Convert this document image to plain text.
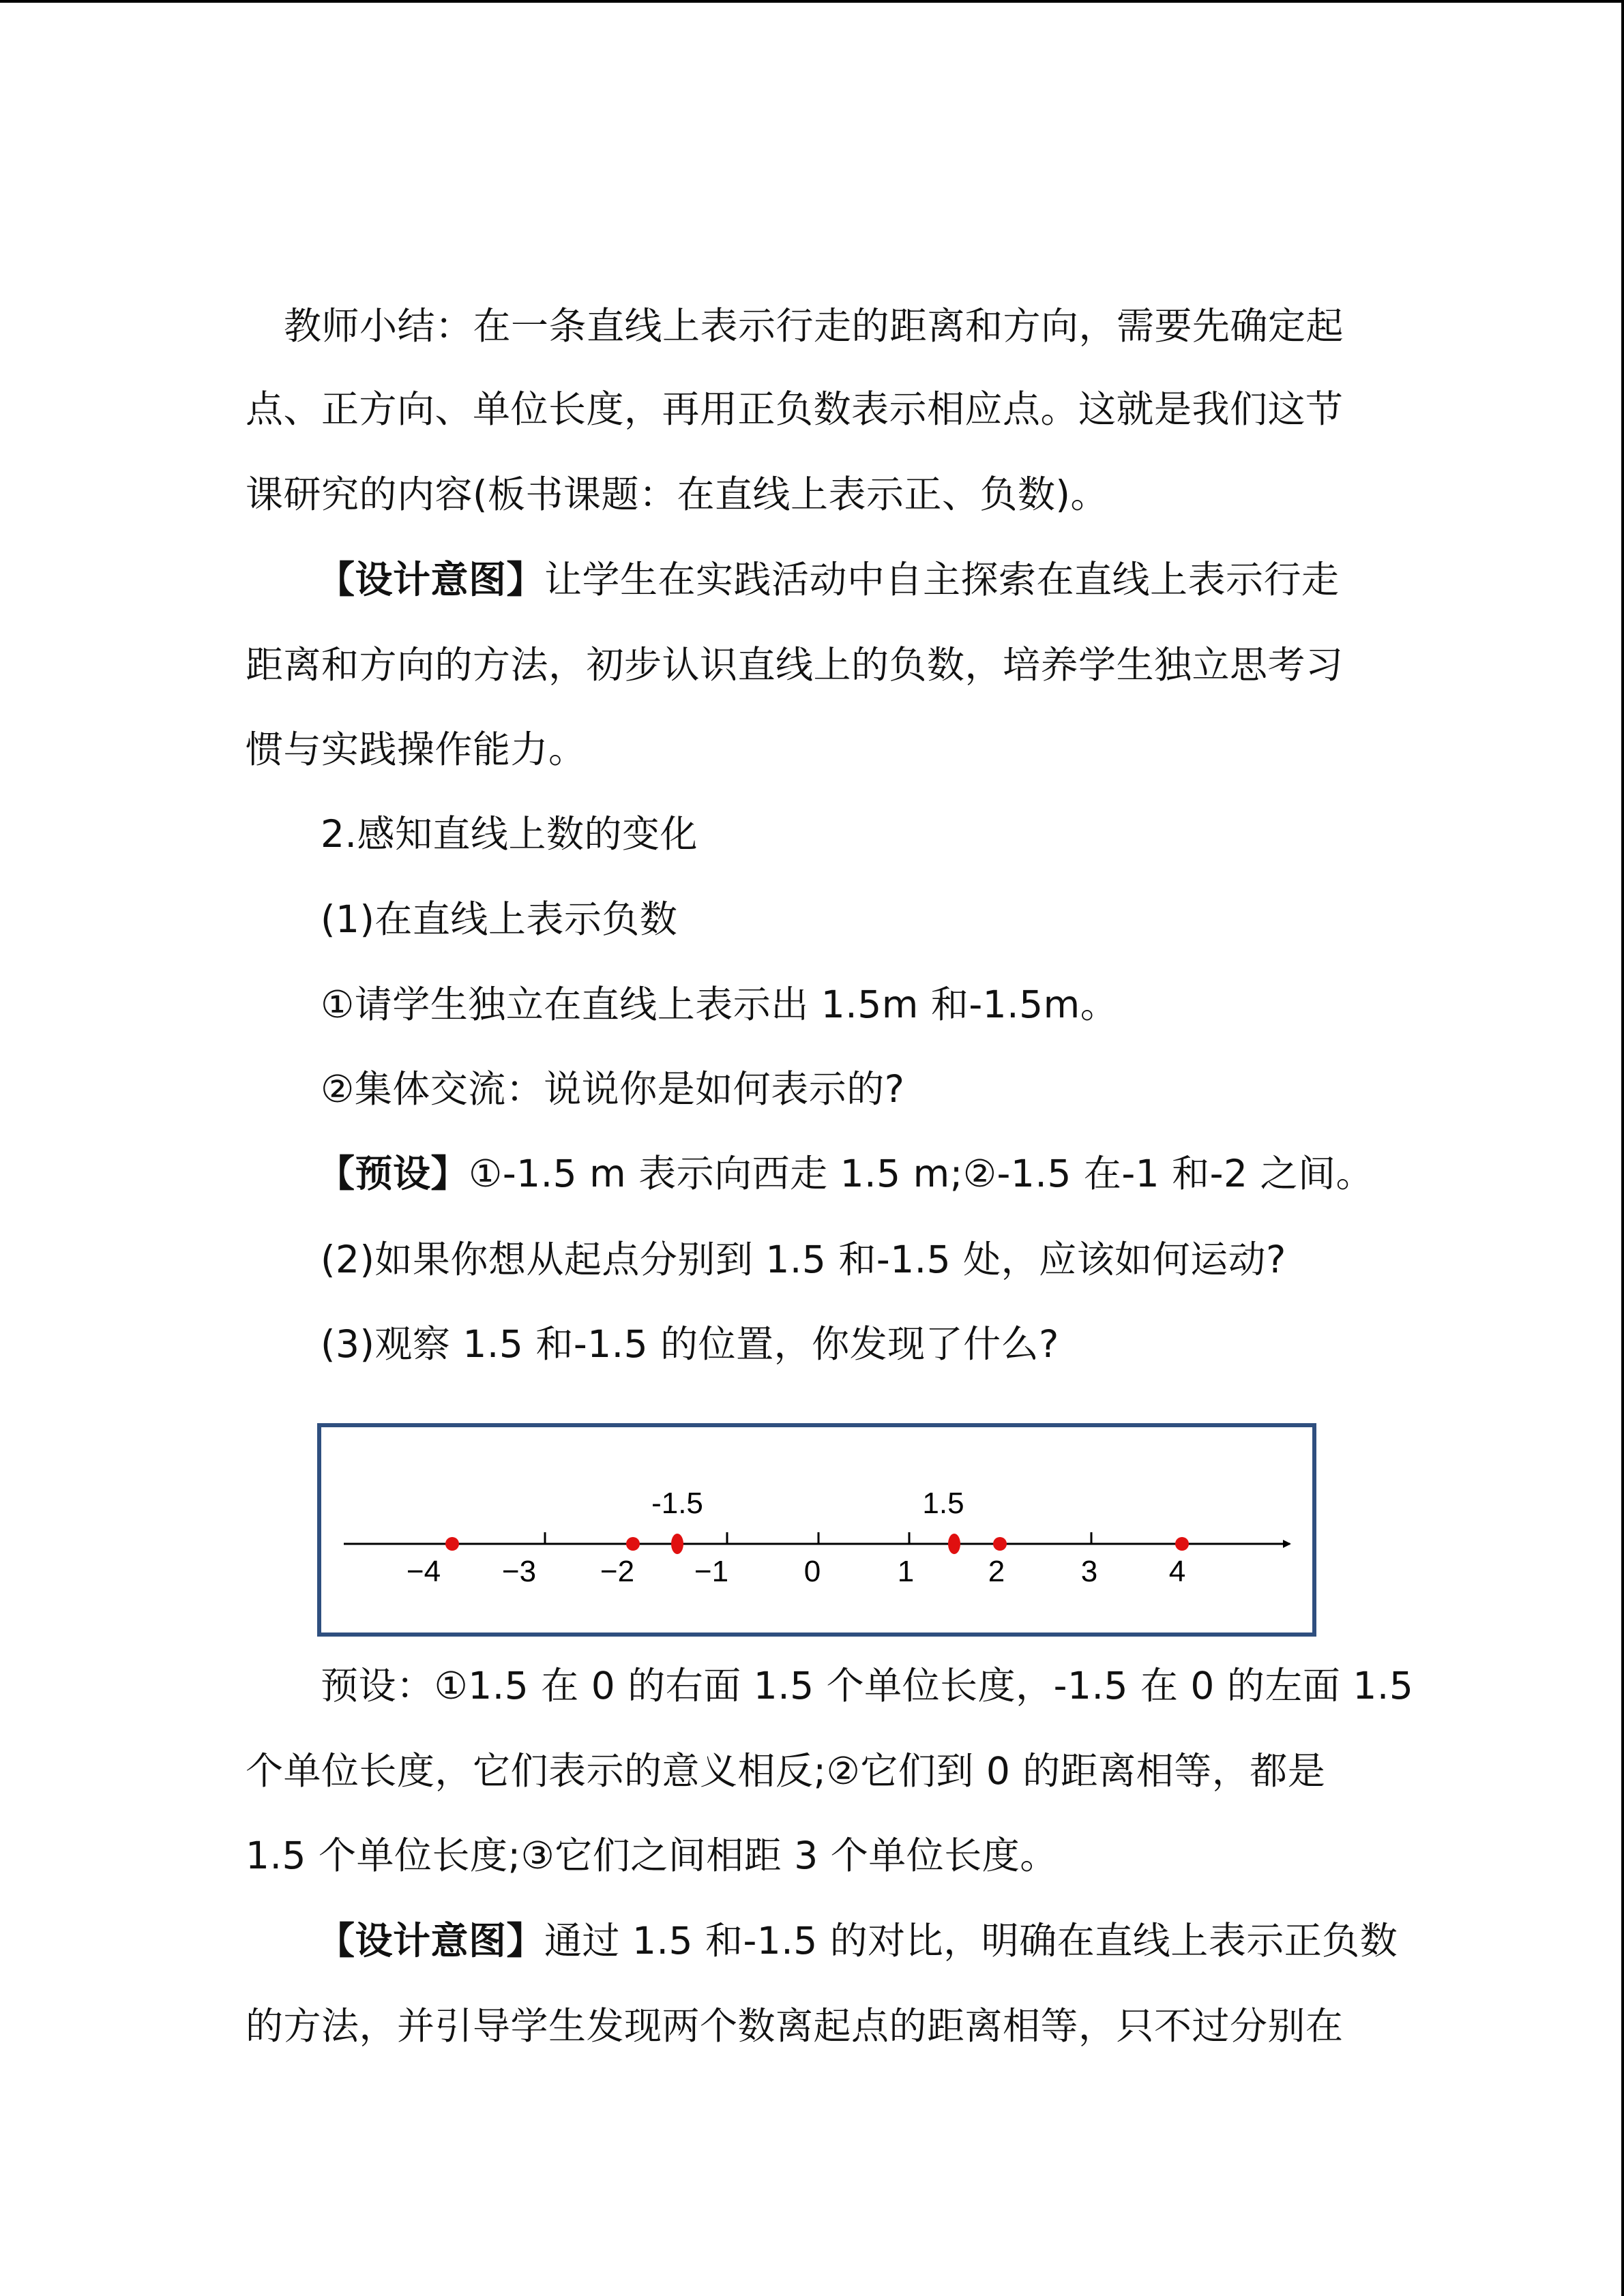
教师小结：在一条直线上表示行走的距离和方向，需要先确定起
点、正方向、单位长度，再用正负数表示相应点。这就是我们这节
课研究的内容(板书课题：在直线上表示正、负数)。
【设计意图】让学生在实践活动中自主探索在直线上表示行走
距离和方向的方法，初步认识直线上的负数，培养学生独立思考习
惯与实践操作能力。
2.感知直线上数的变化
(1)在直线上表示负数
①请学生独立在直线上表示出 1.5m 和-1.5m。
②集体交流：说说你是如何表示的?
【预设】①-1.5 m 表示向西走 1.5 m;②-1.5 在-1 和-2 之间。
(2)如果你想从起点分别到 1.5 和-1.5 处，应该如何运动?
(3)观察 1.5 和-1.5 的位置，你发现了什么?
-1.5	1.5
−4 −3 −2 −1	0	1 2	3 4
预设：①1.5 在 0 的右面 1.5 个单位长度，-1.5 在 0 的左面 1.5
个单位长度，它们表示的意义相反;②它们到 0 的距离相等，都是
1.5 个单位长度;③它们之间相距 3 个单位长度。
【设计意图】通过 1.5 和-1.5 的对比，明确在直线上表示正负数
的方法，并引导学生发现两个数离起点的距离相等，只不过分别在
